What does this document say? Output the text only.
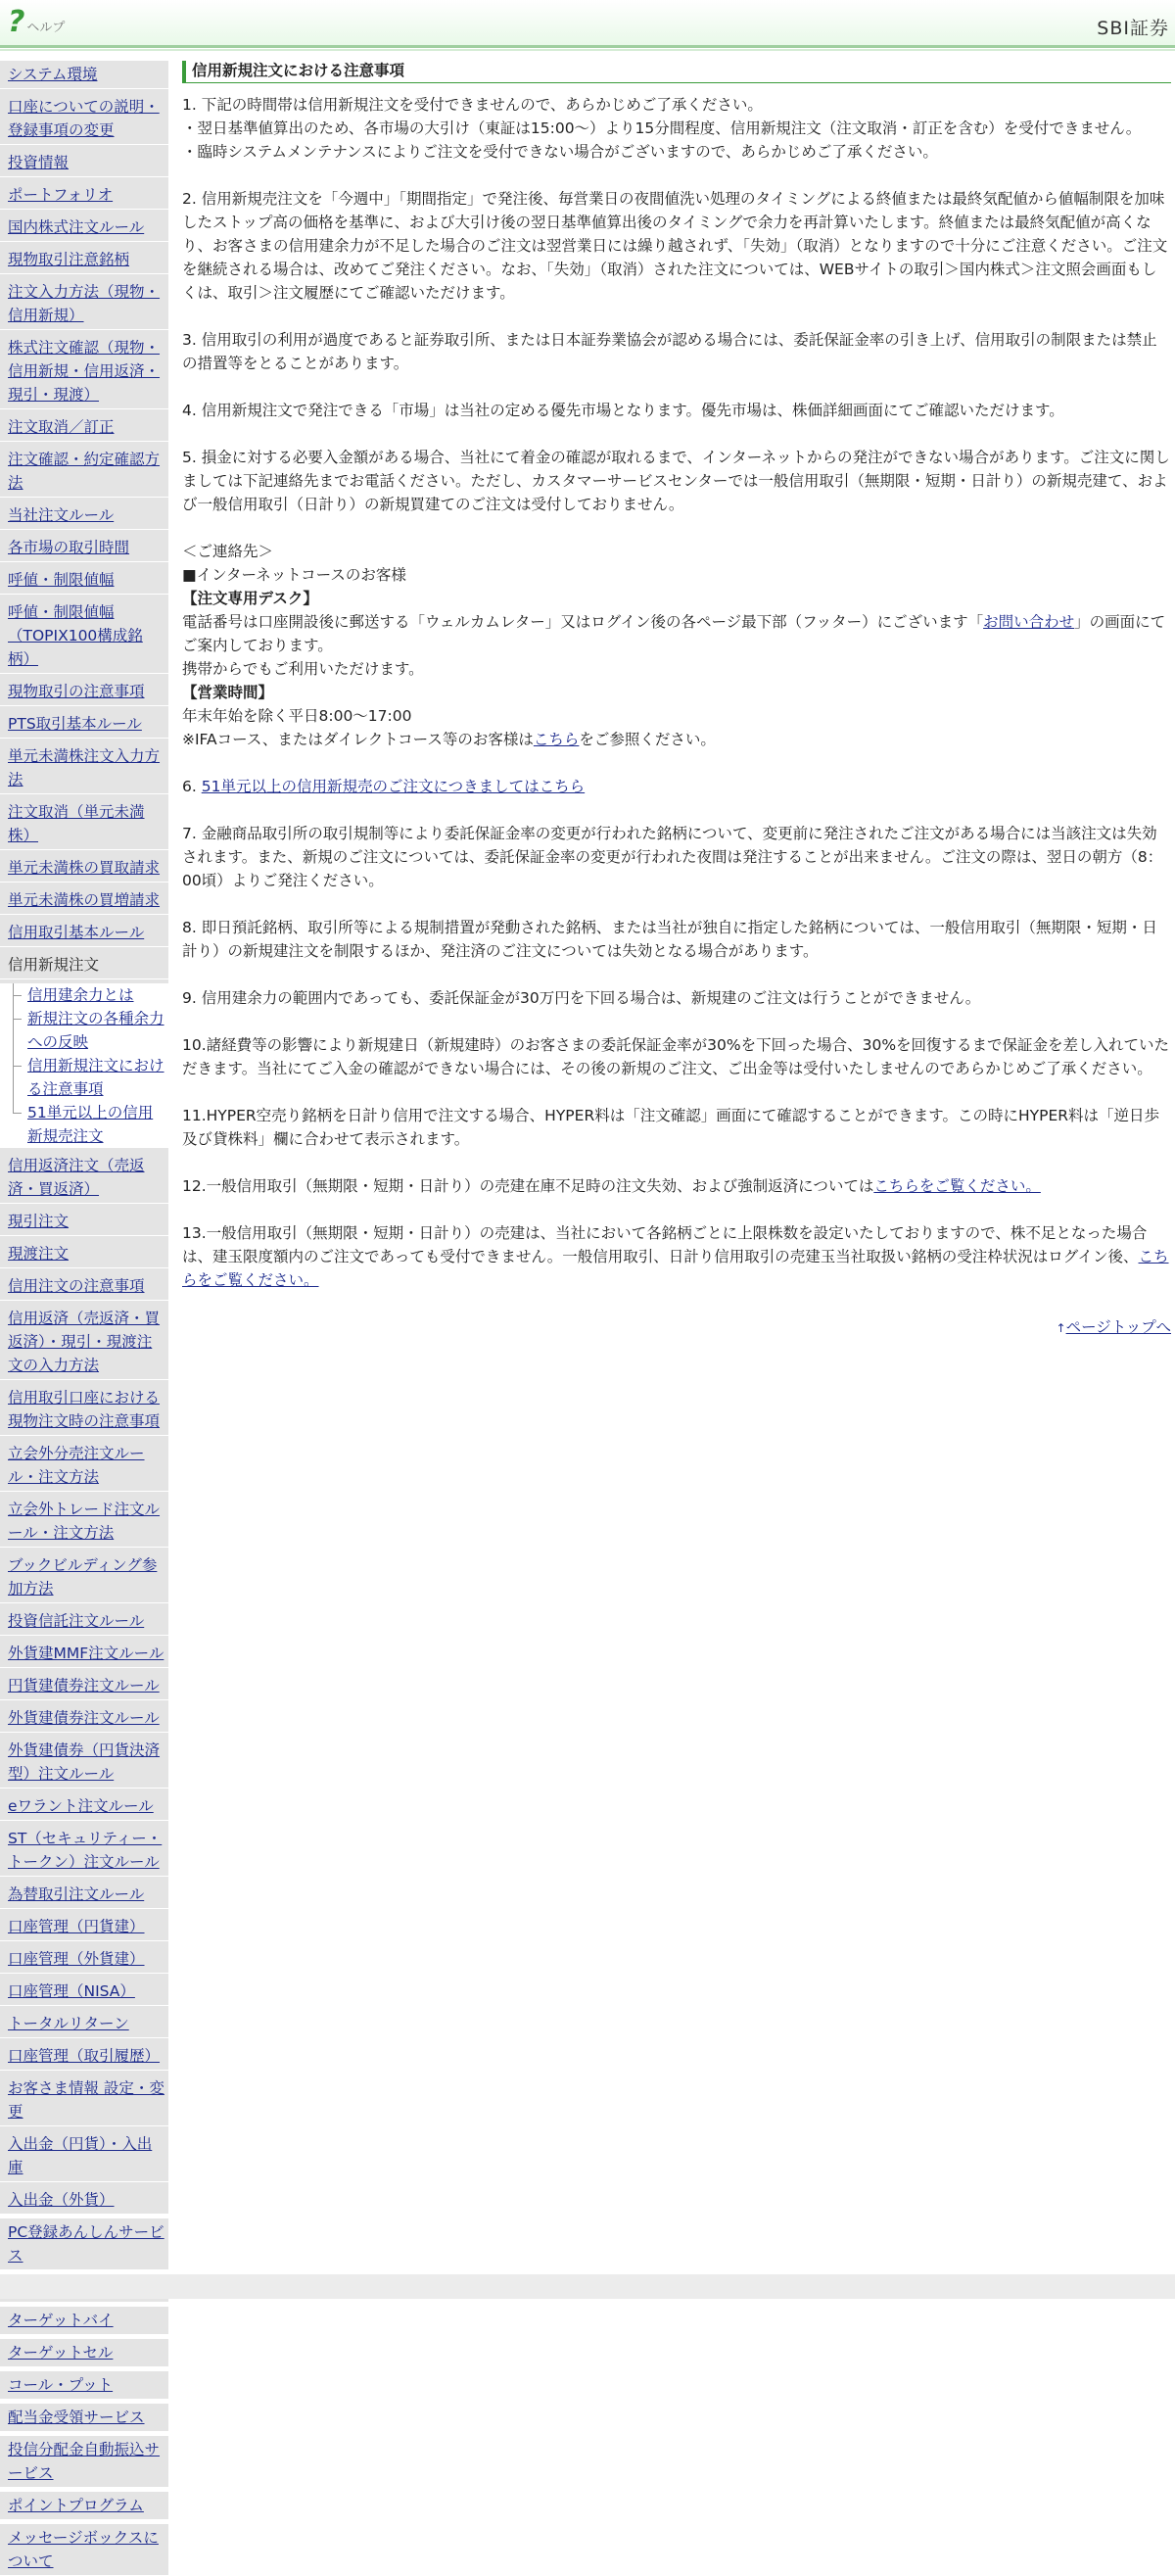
? ヘルプ	SBI証券
システム環境
口座についての説明・登録事項の変更
投資情報
ポートフォリオ
国内株式注文ルール
現物取引注意銘柄
注文入力方法（現物・信用新規）
株式注文確認（現物・信用新規・信用返済・現引・現渡）
注文取消／訂正
注文確認・約定確認方法
当社注文ルール
各市場の取引時間
呼値・制限値幅
呼値・制限値幅（TOPIX100構成銘柄）
現物取引の注意事項
PTS取引基本ルール
単元未満株注文入力方法
注文取消（単元未満株）
単元未満株の買取請求
単元未満株の買増請求
信用取引基本ルール
信用新規注文
信用建余力とは
新規注文の各種余力への反映
信用新規注文における注意事項
51単元以上の信用新規売注文
信用返済注文（売返済・買返済）
現引注文
現渡注文
信用注文の注意事項
信用返済（売返済・買返済）・現引・現渡注文の入力方法
信用取引口座における現物注文時の注意事項
立会外分売注文ルール・注文方法
立会外トレード注文ルール・注文方法
ブックビルディング参加方法
投資信託注文ルール
外貨建MMF注文ルール
円貨建債券注文ルール
外貨建債券注文ルール
外貨建債券（円貨決済型）注文ルール
eワラント注文ルール
ST（セキュリティー・トークン）注文ルール
為替取引注文ルール
口座管理（円貨建）
口座管理（外貨建）
口座管理（NISA）
トータルリターン
口座管理（取引履歴）
お客さま情報 設定・変更
入出金（円貨）・入出庫
入出金（外貨）
PC登録あんしんサービス
ターゲットバイ
ターゲットセル
コール・プット
配当金受領サービス
投信分配金自動振込サービス
ポイントプログラム
メッセージボックスについて
信用新規注文における注意事項

1. 下記の時間帯は信用新規注文を受付できませんので、あらかじめご了承ください。

・翌日基準値算出のため、各市場の大引け（東証は15:00～）より15分間程度、信用新規注文（注文取消・訂正を含む）を受付できません。

・臨時システムメンテナンスによりご注文を受付できない場合がございますので、あらかじめご了承ください。

2. 信用新規売注文を「今週中」「期間指定」で発注後、毎営業日の夜間値洗い処理のタイミングによる終値または最終気配値から値幅制限を加味したストップ高の価格を基準に、および大引け後の翌日基準値算出後のタイミングで余力を再計算いたします。終値または最終気配値が高くなり、お客さまの信用建余力が不足した場合のご注文は翌営業日には繰り越されず、「失効」（取消）となりますので十分にご注意ください。ご注文を継続される場合は、改めてご発注ください。なお、「失効」（取消）された注文については、WEBサイトの取引＞国内株式＞注文照会画面もしくは、取引＞注文履歴にてご確認いただけます。
3. 信用取引の利用が過度であると証券取引所、または日本証券業協会が認める場合には、委託保証金率の引き上げ、信用取引の制限または禁止の措置等をとることがあります。
4. 信用新規注文で発注できる「市場」は当社の定める優先市場となります。優先市場は、株価詳細画面にてご確認いただけます。
5. 損金に対する必要入金額がある場合、当社にて着金の確認が取れるまで、インターネットからの発注ができない場合があります。ご注文に関しましては下記連絡先までお電話ください。ただし、カスタマーサービスセンターでは一般信用取引（無期限・短期・日計り）の新規売建て、および一般信用取引（日計り）の新規買建てのご注文は受付しておりません。

＜ご連絡先＞

■インターネットコースのお客様

【注文専用デスク】

電話番号は口座開設後に郵送する「ウェルカムレター」又はログイン後の各ページ最下部（フッター）にございます「お問い合わせ」の画面にてご案内しております。

携帯からでもご利用いただけます。

【営業時間】

年末年始を除く平日8:00～17:00

※IFAコース、またはダイレクトコース等のお客様はこちらをご参照ください。

6. 51単元以上の信用新規売のご注文につきましてはこちら
7. 金融商品取引所の取引規制等により委託保証金率の変更が行われた銘柄について、変更前に発注されたご注文がある場合には当該注文は失効されます。また、新規のご注文については、委託保証金率の変更が行われた夜間は発注することが出来ません。ご注文の際は、翌日の朝方（8：00頃）よりご発注ください。
8. 即日預託銘柄、取引所等による規制措置が発動された銘柄、または当社が独自に指定した銘柄については、一般信用取引（無期限・短期・日計り）の新規建注文を制限するほか、発注済のご注文については失効となる場合があります。
9. 信用建余力の範囲内であっても、委託保証金が30万円を下回る場合は、新規建のご注文は行うことができません。
10.諸経費等の影響により新規建日（新規建時）のお客さまの委託保証金率が30%を下回った場合、30%を回復するまで保証金を差し入れていただきます。当社にてご入金の確認ができない場合には、その後の新規のご注文、ご出金等は受付いたしませんのであらかじめご了承ください。
11.HYPER空売り銘柄を日計り信用で注文する場合、HYPER料は「注文確認」画面にて確認することができます。この時にHYPER料は「逆日歩及び貸株料」欄に合わせて表示されます。
12.一般信用取引（無期限・短期・日計り）の売建在庫不足時の注文失効、および強制返済についてはこちらをご覧ください。
13.一般信用取引（無期限・短期・日計り）の売建は、当社において各銘柄ごとに上限株数を設定いたしておりますので、株不足となった場合は、建玉限度額内のご注文であっても受付できません。一般信用取引、日計り信用取引の売建玉当社取扱い銘柄の受注枠状況はログイン後、こちらをご覧ください。
↑ページトップへ
